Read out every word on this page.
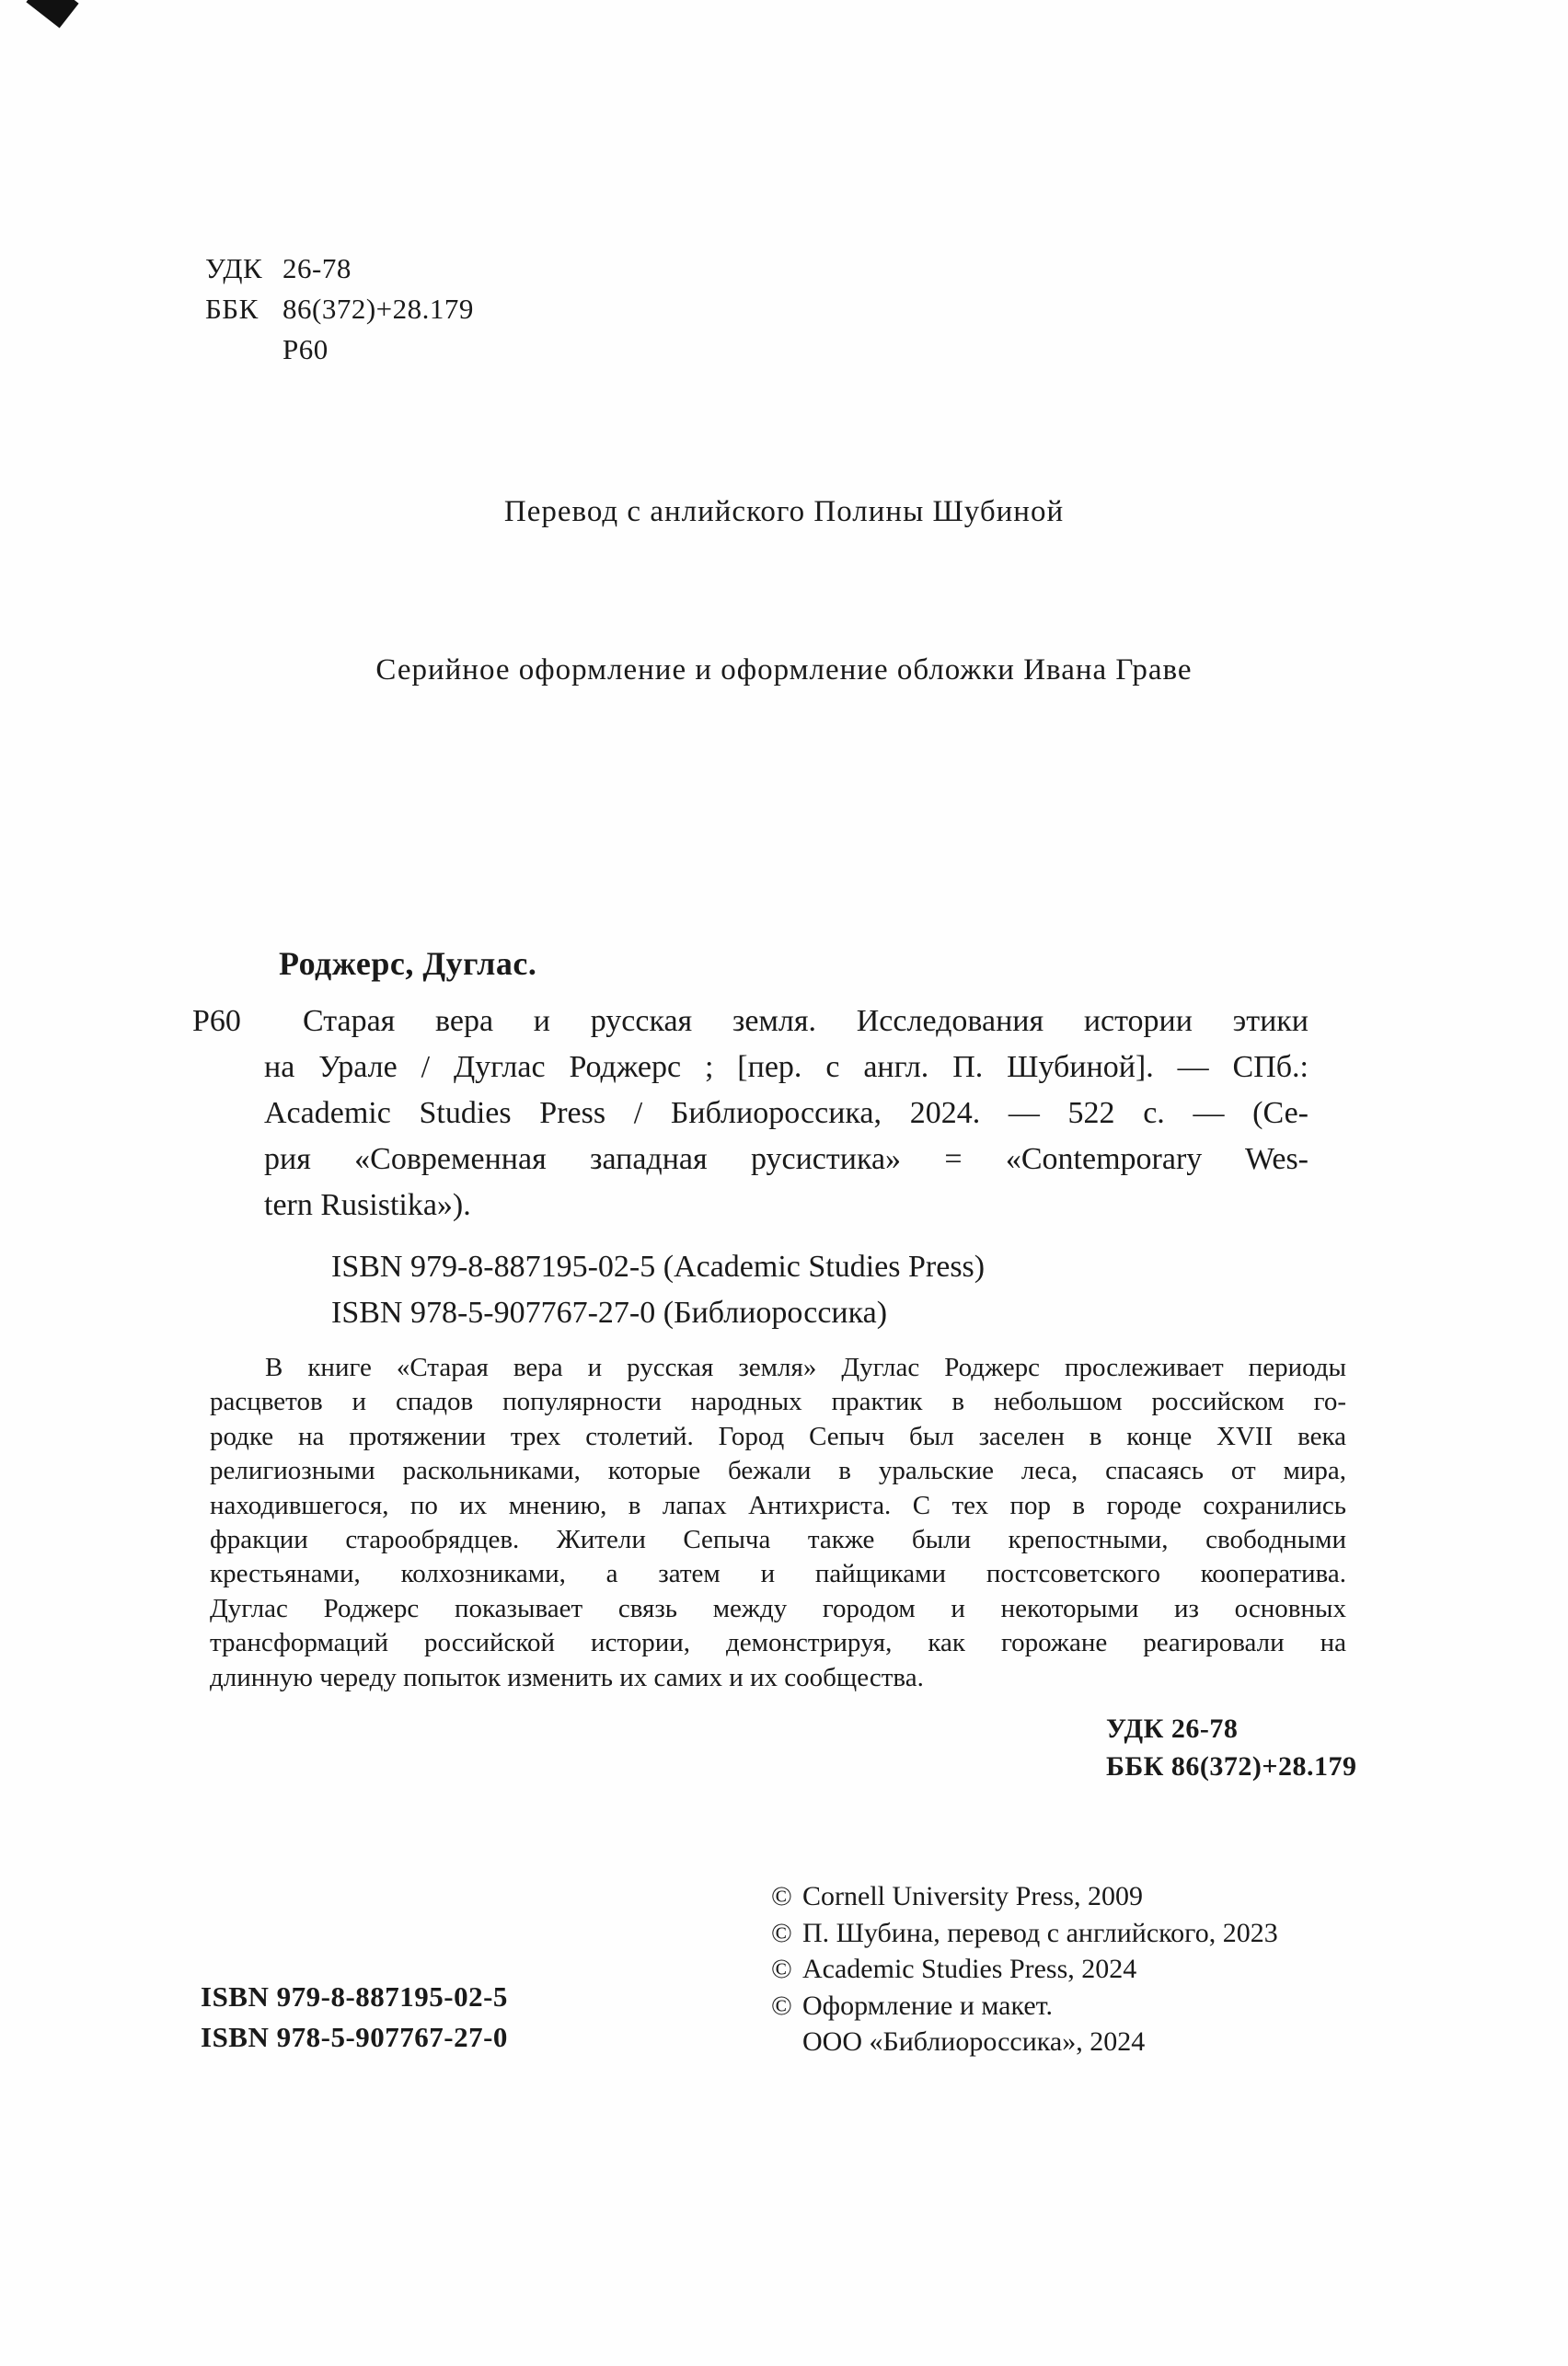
УДК 26-78
ББК 86(372)+28.179
Р60
Перевод с анлийского Полины Шубиной
Серийное оформление и оформление обложки Ивана Граве
Роджерс, Дуглас.
Р60 Старая вера и русская земля. Исследования истории этики
на Урале / Дуглас Роджерс ; [пер. с англ. П. Шубиной]. — СПб.:
Academic Studies Press / Библиороссика, 2024. — 522 с. — (Се-
рия «Современная западная русистика» = «Contemporary Wes-
tern Rusistika»).
ISBN 979-8-887195-02-5 (Academic Studies Press)
ISBN 978-5-907767-27-0 (Библиороссика)
В книге «Старая вера и русская земля» Дуглас Роджерс прослеживает периоды
расцветов и спадов популярности народных практик в небольшом российском го-
родке на протяжении трех столетий. Город Сепыч был заселен в конце XVII века
религиозными раскольниками, которые бежали в уральские леса, спасаясь от мира,
находившегося, по их мнению, в лапах Антихриста. С тех пор в городе сохранились
фракции старообрядцев. Жители Сепыча также были крепостными, свободными
крестьянами, колхозниками, а затем и пайщиками постсоветского кооператива.
Дуглас Роджерс показывает связь между городом и некоторыми из основных
трансформаций российской истории, демонстрируя, как горожане реагировали на
длинную череду попыток изменить их самих и их сообщества.
УДК 26-78
ББК 86(372)+28.179
© Cornell University Press, 2009
© П. Шубина, перевод с английского, 2023
© Academic Studies Press, 2024
© Оформление и макет.
ООО «Библиороссика», 2024
ISBN 979-8-887195-02-5
ISBN 978-5-907767-27-0
